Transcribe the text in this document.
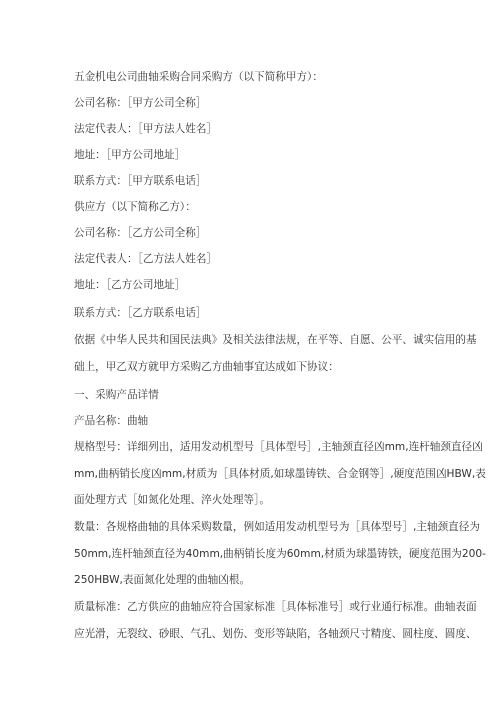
五金机电公司曲轴采购合同采购方（以下简称甲方）：
公司名称：［甲方公司全称］
法定代表人：［甲方法人姓名］
地址：［甲方公司地址］
联系方式：［甲方联系电话］
供应方（以下简称乙方）：
公司名称：［乙方公司全称］
法定代表人：［乙方法人姓名］
地址：［乙方公司地址］
联系方式：［乙方联系电话］
依据《中华人民共和国民法典》及相关法律法规，在平等、自愿、公平、诚实信用的基
础上，甲乙双方就甲方采购乙方曲轴事宜达成如下协议：
一、采购产品详情
产品名称：曲轴
规格型号：详细列出，适用发动机型号［具体型号］,主轴颈直径凶mm,连杆轴颈直径凶
mm,曲柄销长度凶mm,材质为［具体材质,如球墨铸铁、合金钢等］,硬度范围凶HBW,表
面处理方式［如氮化处理、淬火处理等］。
数量：各规格曲轴的具体采购数量，例如适用发动机型号为［具体型号］,主轴颈直径为
50mm,连杆轴颈直径为40mm,曲柄销长度为60mm,材质为球墨铸铁，硬度范围为200-
250HBW,表面氮化处理的曲轴凶根。
质量标准：乙方供应的曲轴应符合国家标准［具体标准号］或行业通行标准。曲轴表面
应光滑，无裂纹、砂眼、气孔、划伤、变形等缺陷，各轴颈尺寸精度、圆柱度、圆度、
